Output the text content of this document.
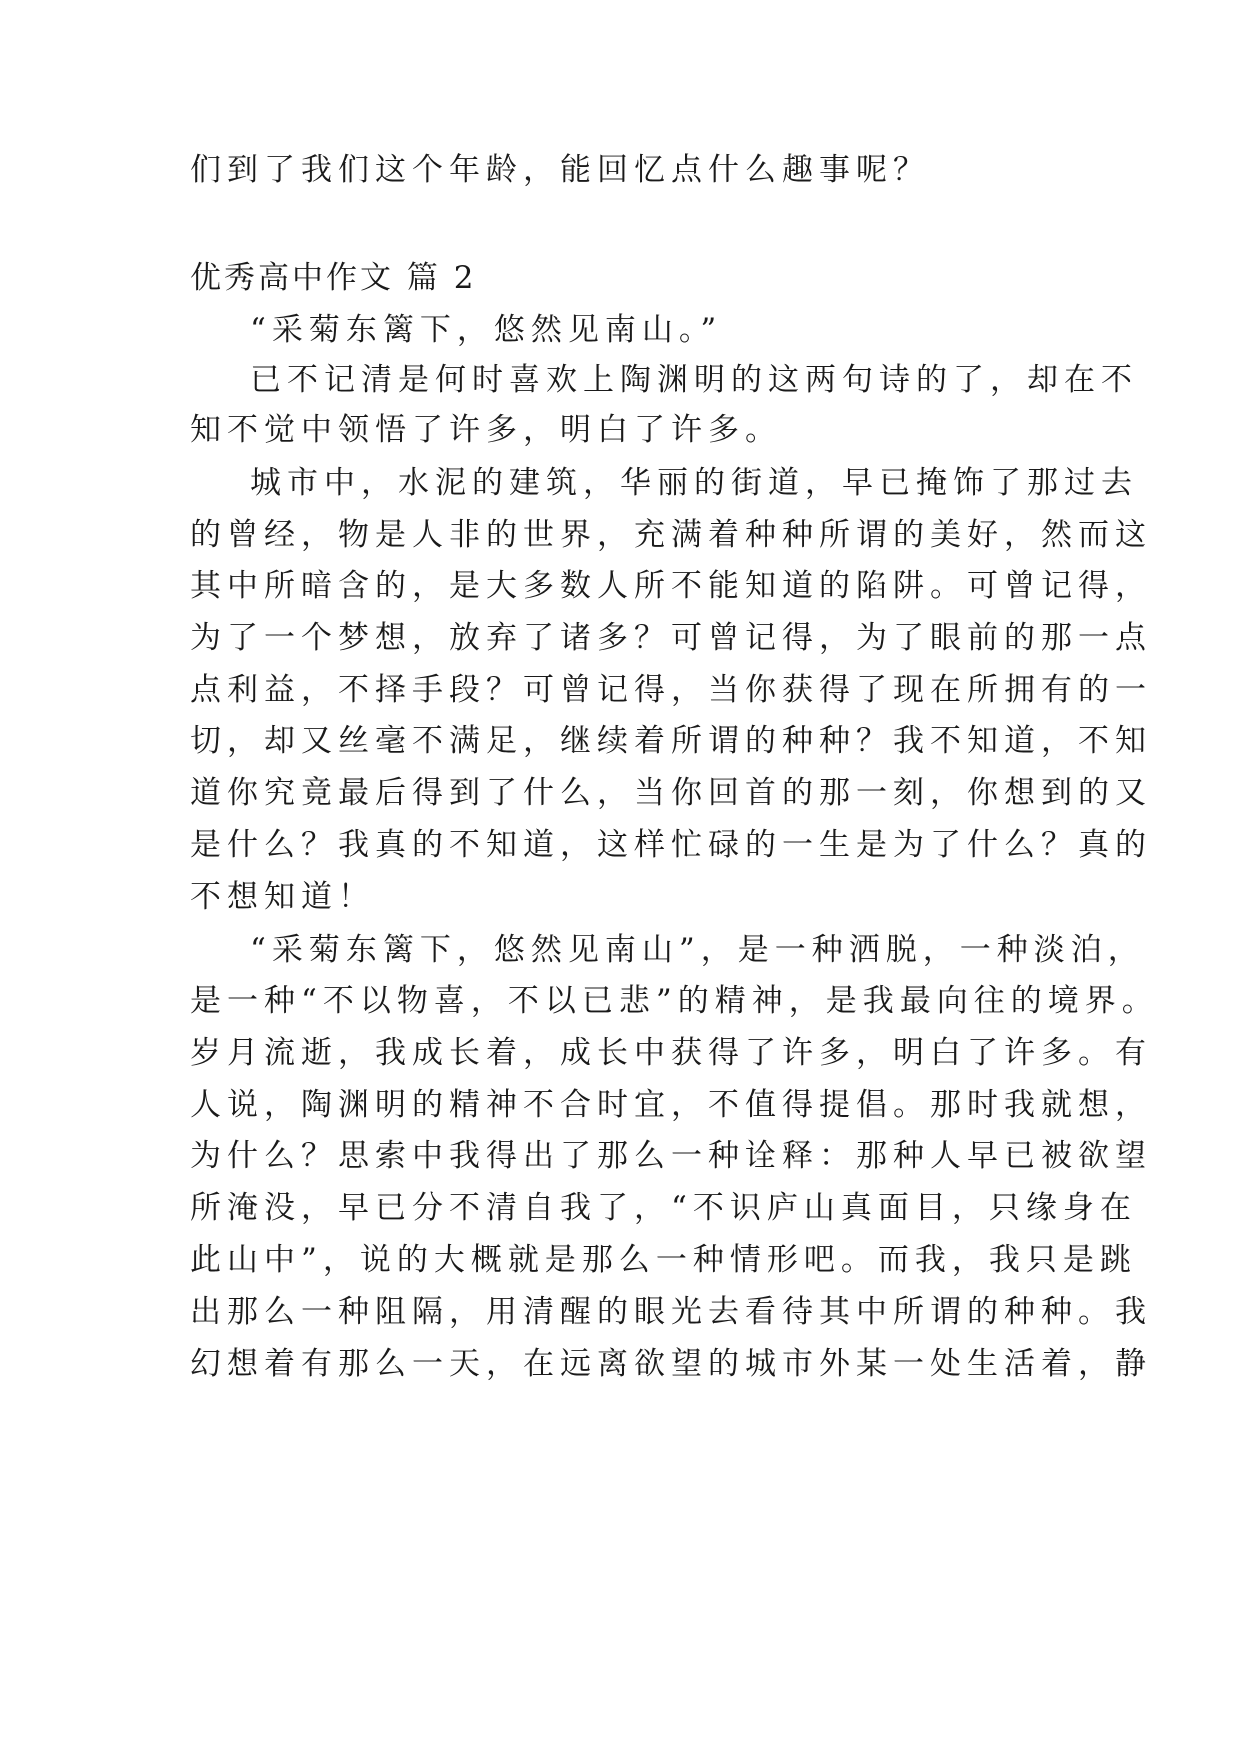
们到了我们这个年龄，能回忆点什么趣事呢？
优秀高中作文 篇 2
“采菊东篱下，悠然见南山。”
已不记清是何时喜欢上陶渊明的这两句诗的了，却在不
知不觉中领悟了许多，明白了许多。
城市中，水泥的建筑，华丽的街道，早已掩饰了那过去
的曾经，物是人非的世界，充满着种种所谓的美好，然而这
其中所暗含的，是大多数人所不能知道的陷阱。可曾记得，
为了一个梦想，放弃了诸多？可曾记得，为了眼前的那一点
点利益，不择手段？可曾记得，当你获得了现在所拥有的一
切，却又丝毫不满足，继续着所谓的种种？我不知道，不知
道你究竟最后得到了什么，当你回首的那一刻，你想到的又
是什么？我真的不知道，这样忙碌的一生是为了什么？真的
不想知道！
“采菊东篱下，悠然见南山”，是一种洒脱，一种淡泊，
是一种“不以物喜，不以已悲”的精神，是我最向往的境界。
岁月流逝，我成长着，成长中获得了许多，明白了许多。有
人说，陶渊明的精神不合时宜，不值得提倡。那时我就想，
为什么？思索中我得出了那么一种诠释：那种人早已被欲望
所淹没，早已分不清自我了，“不识庐山真面目，只缘身在
此山中”，说的大概就是那么一种情形吧。而我，我只是跳
出那么一种阻隔，用清醒的眼光去看待其中所谓的种种。我
幻想着有那么一天，在远离欲望的城市外某一处生活着，静
